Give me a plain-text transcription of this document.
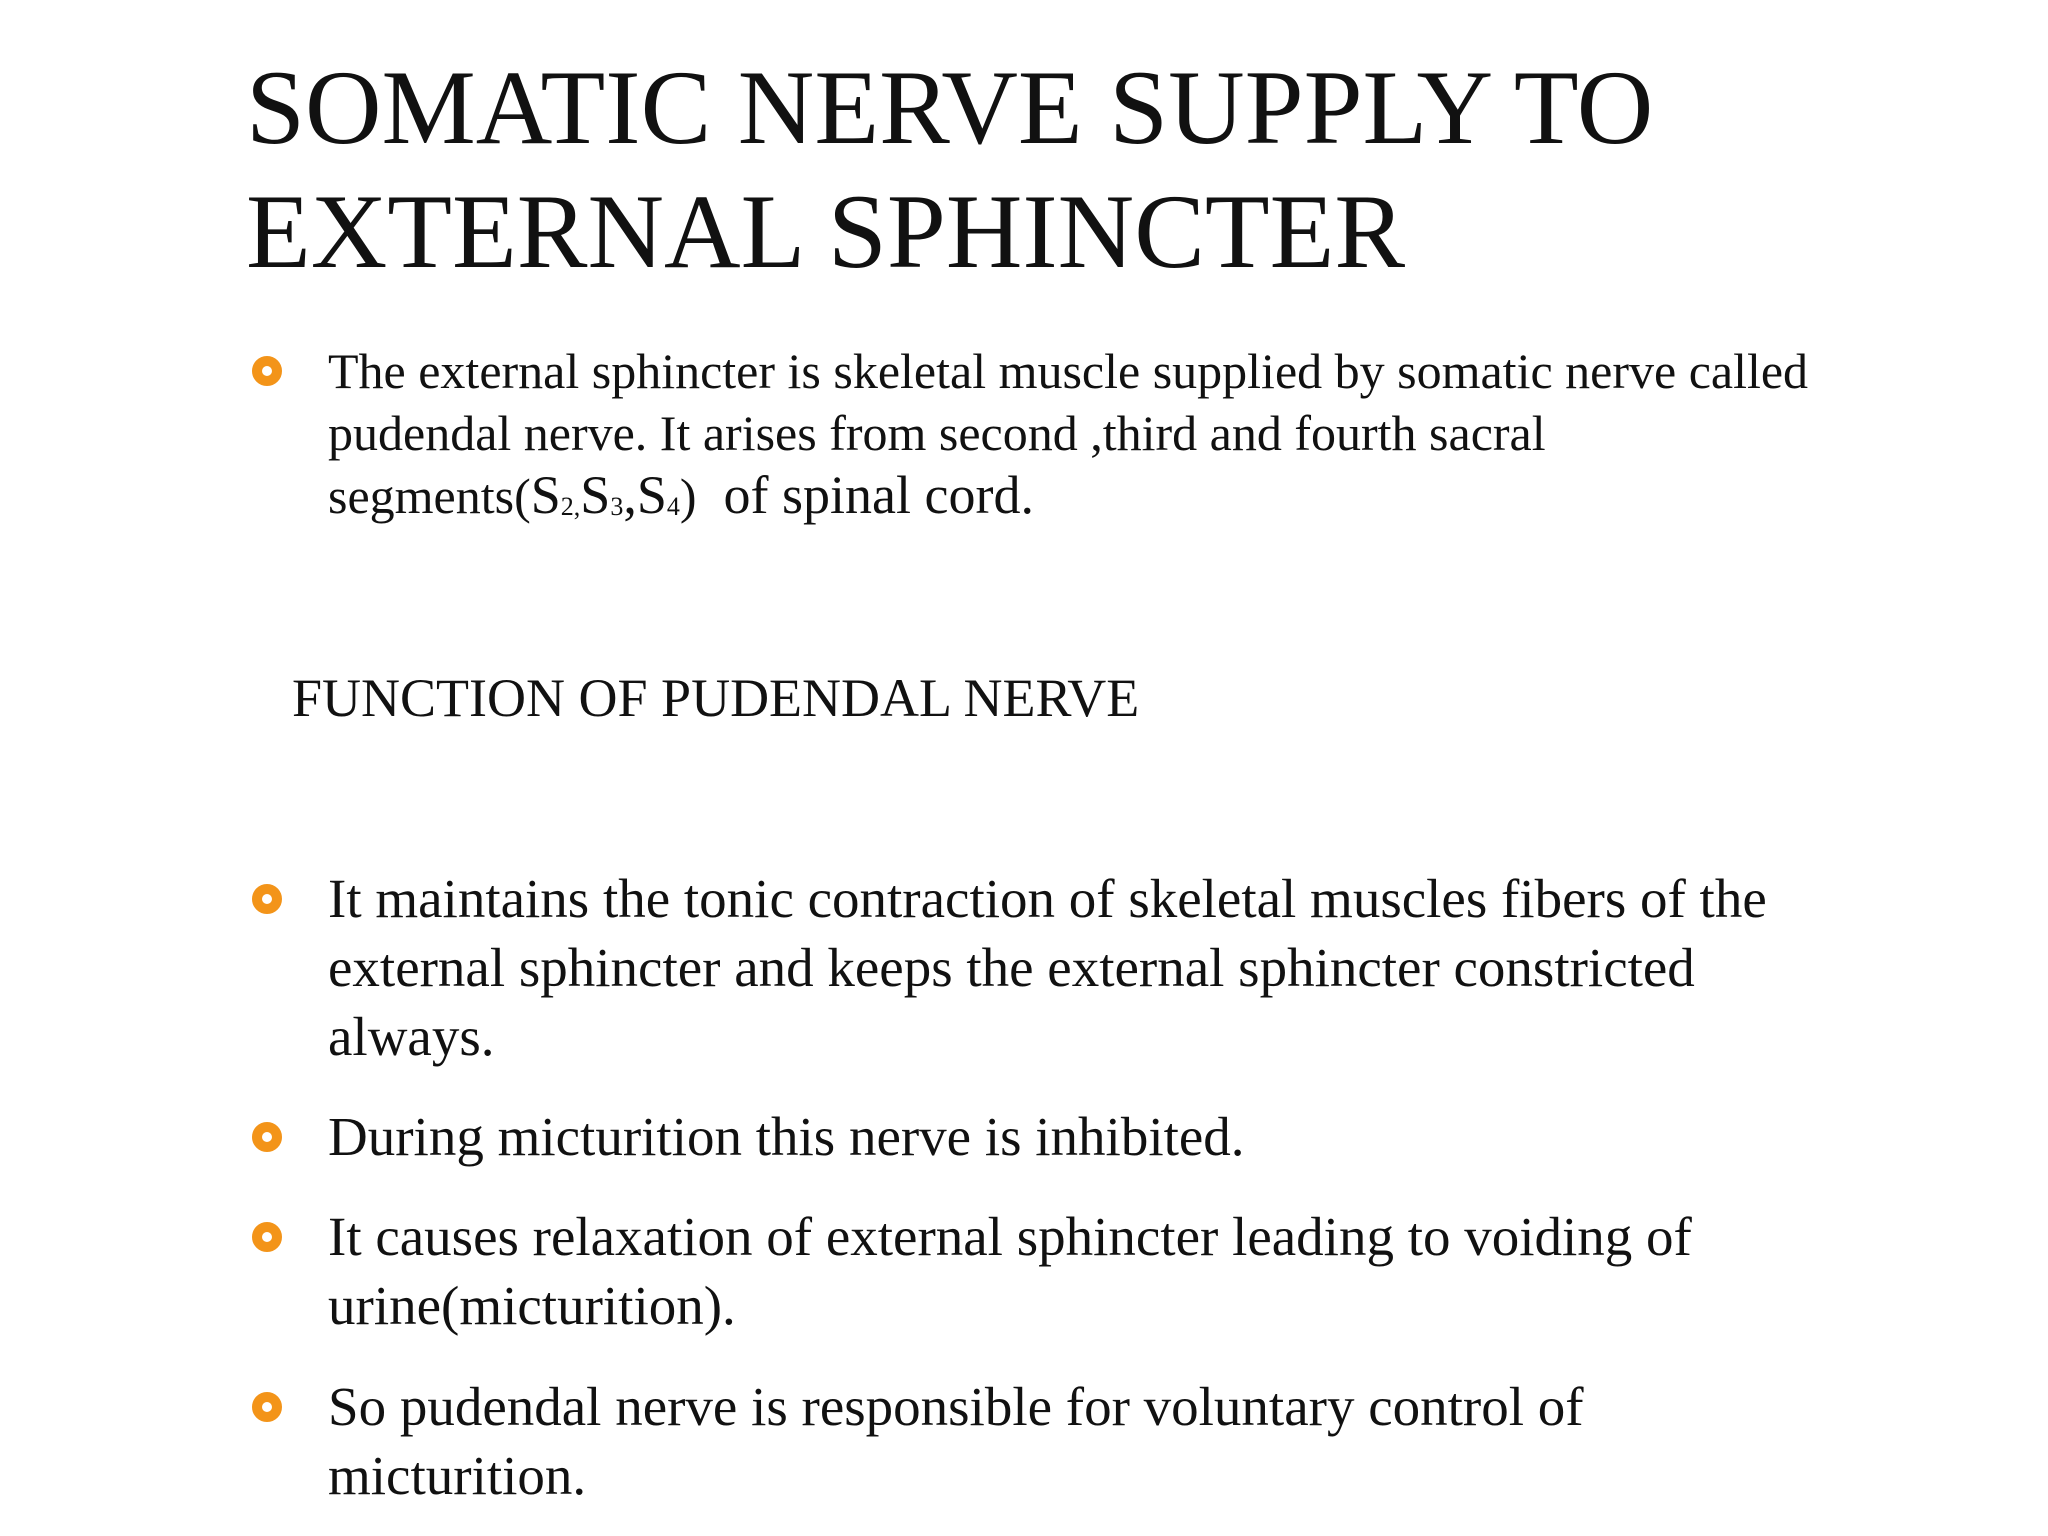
SOMATIC NERVE SUPPLY TO
EXTERNAL SPHINCTER
The external sphincter is skeletal muscle supplied by somatic nerve called pudendal nerve. It arises from second ,third and fourth sacral $segments(S_{2,}S_3,S_4)$  of spinal cord.
FUNCTION OF PUDENDAL NERVE
It maintains the tonic contraction of skeletal muscles fibers of the external sphincter and keeps the external sphincter constricted always.
During micturition this nerve is inhibited.
It causes relaxation of external sphincter leading to voiding of urine(micturition).
So pudendal nerve is responsible for voluntary control of micturition.
